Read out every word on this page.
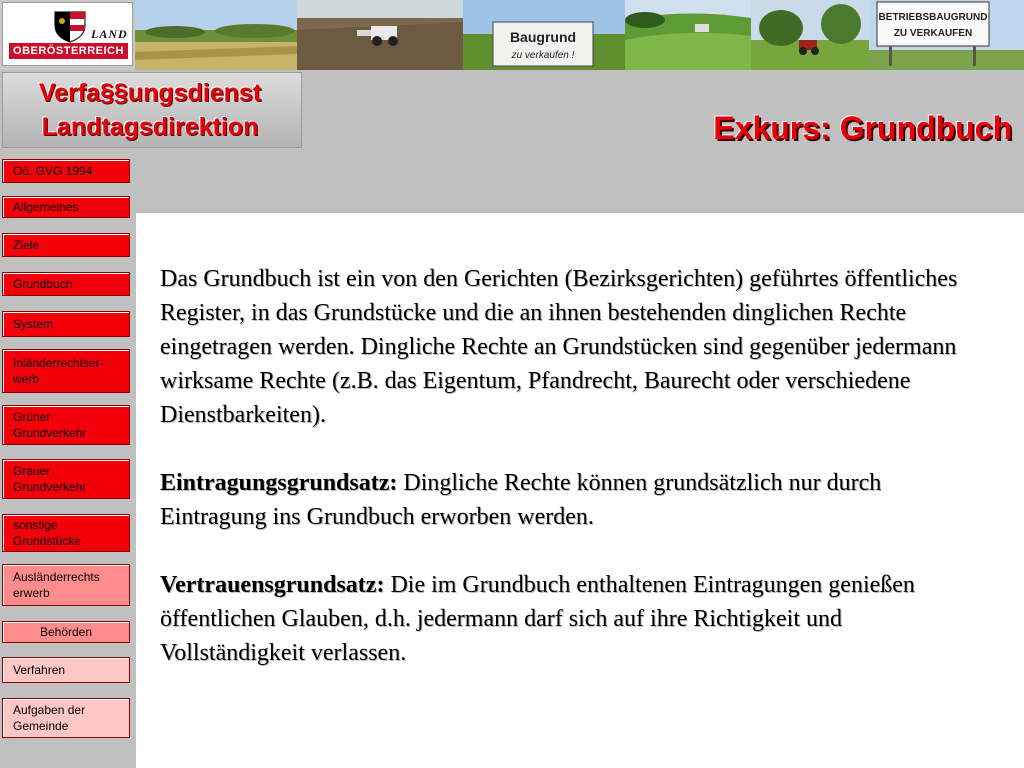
LAND
OBERÖSTERREICH
Baugrund
zu verkaufen !
BETRIEBSBAUGRUND
ZU VERKAUFEN
Verfa§§ungsdienst
Landtagsdirektion	Exkurs: Grundbuch
Oö. GVG 1994
Allgemeines
Ziele
Grundbuch
System
Inländerrechtser-
werb
Grüner
Grundverkehr
Grauer
Grundverkehr
sonstige
Grundstücke
Ausländerrechts
erwerb
Behörden
Verfahren
Aufgaben der
Gemeinde

Das Grundbuch ist ein von den Gerichten (Bezirksgerichten) geführtes öffentliches Register, in das Grundstücke und die an ihnen bestehenden dinglichen Rechte eingetragen werden. Dingliche Rechte an Grundstücken sind gegenüber jedermann wirksame Rechte (z.B. das Eigentum, Pfandrecht, Baurecht oder verschiedene Dienstbarkeiten).

Eintragungsgrundsatz: Dingliche Rechte können grundsätzlich nur durch Eintragung ins Grundbuch erworben werden.

Vertrauensgrundsatz: Die im Grundbuch enthaltenen Eintragungen genießen öffentlichen Glauben, d.h. jedermann darf sich auf ihre Richtigkeit und Vollständigkeit verlassen.
